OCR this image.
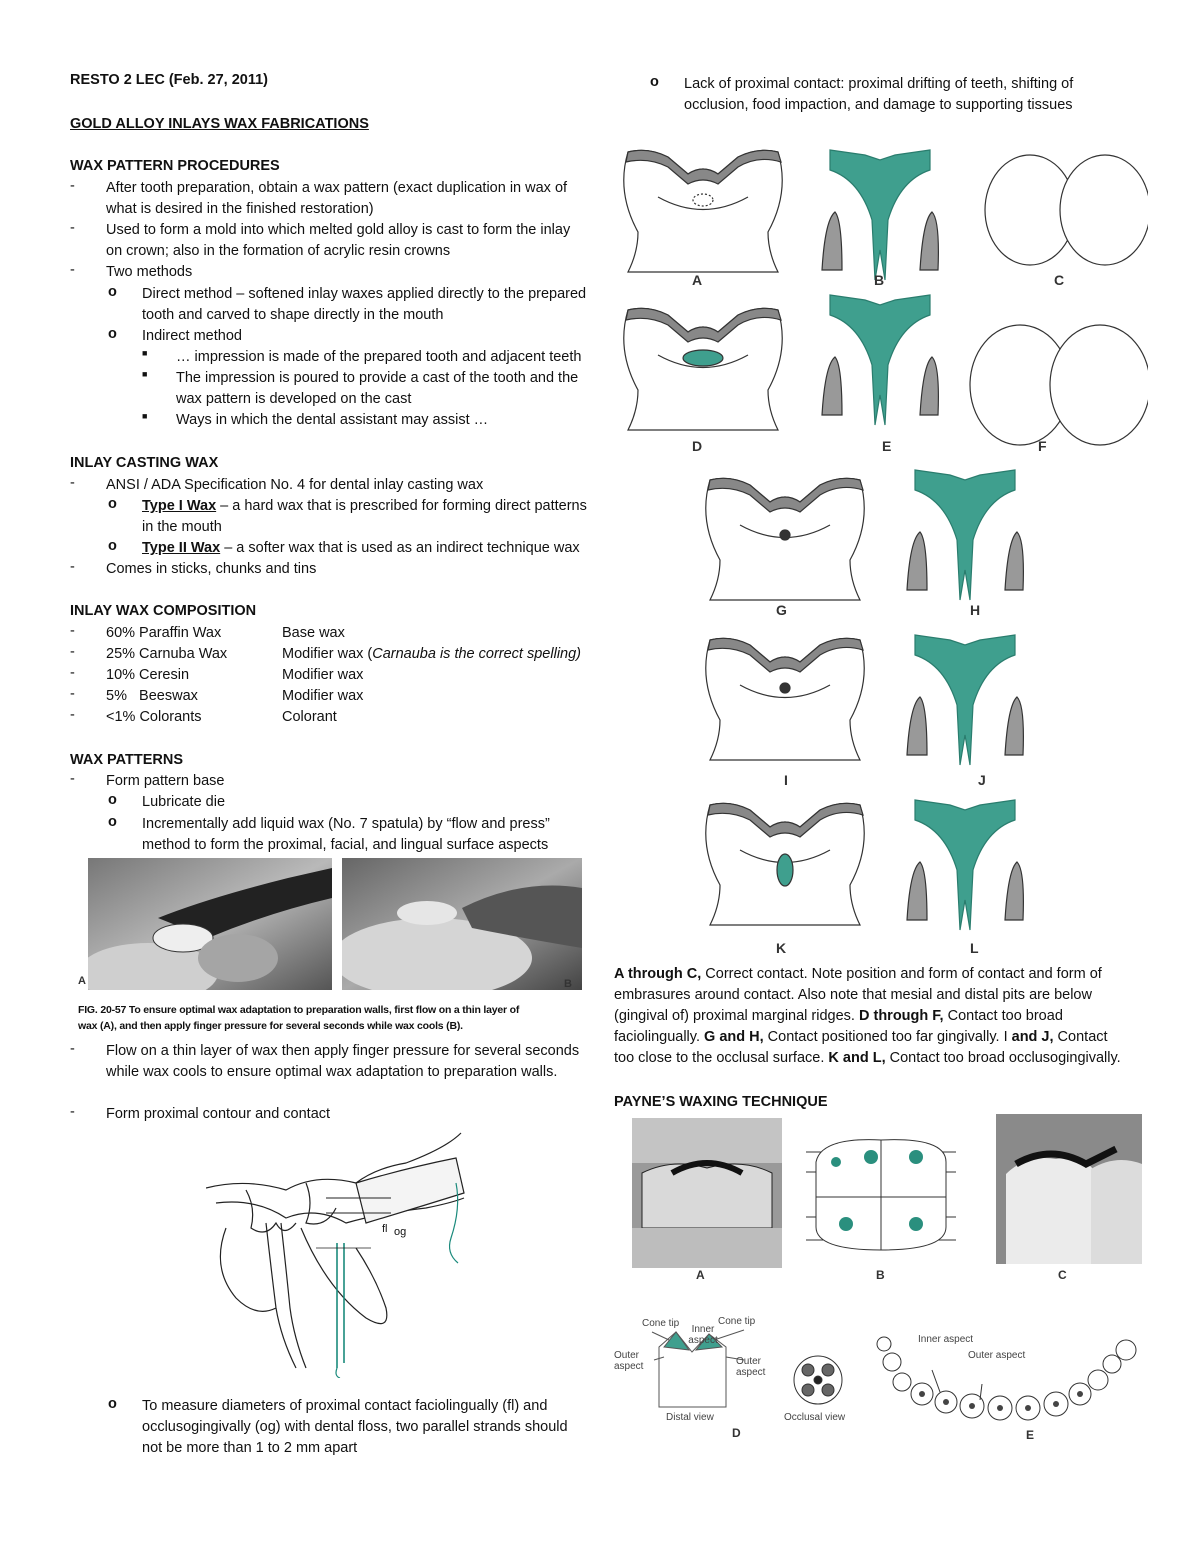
RESTO 2 LEC (Feb. 27, 2011)
GOLD ALLOY INLAYS WAX FABRICATIONS
WAX PATTERN PROCEDURES
- After tooth preparation, obtain a wax pattern (exact duplication in wax of
what is desired in the finished restoration)
- Used to form a mold into which melted gold alloy is cast to form the inlay
on crown; also in the formation of acrylic resin crowns
- Two methods
o Direct method – softened inlay waxes applied directly to the prepared
tooth and carved to shape directly in the mouth
o Indirect method
■ … impression is made of the prepared tooth and adjacent teeth
■ The impression is poured to provide a cast of the tooth and the
wax pattern is developed on the cast
■ Ways in which the dental assistant may assist …
INLAY CASTING WAX
- ANSI / ADA Specification No. 4 for dental inlay casting wax
o Type I Wax – a hard wax that is prescribed for forming direct patterns
in the mouth
o Type II Wax – a softer wax that is used as an indirect technique wax
- Comes in sticks, chunks and tins
INLAY WAX COMPOSITION
- 60% Paraffin Wax	Base wax
- 25% Carnuba Wax	Modifier wax (Carnauba is the correct spelling)
- 10% Ceresin	Modifier wax
- 5%   Beeswax	Modifier wax
- <1% Colorants	Colorant
WAX PATTERNS
- Form pattern base
o Lubricate die
o Incrementally add liquid wax (No. 7 spatula) by “flow and press”
method to form the proximal, facial, and lingual surface aspects
A	B
FIG. 20-57 To ensure optimal wax adaptation to preparation walls, first flow on a thin layer of
wax (A), and then apply finger pressure for several seconds while wax cools (B).
- Flow on a thin layer of wax then apply finger pressure for several seconds
while wax cools to ensure optimal wax adaptation to preparation walls.
- Form proximal contour and contact
fl og
o To measure diameters of proximal contact faciolingually (fl) and
occlusogingivally (og) with dental floss, two parallel strands should
not be more than 1 to 2 mm apart
o Lack of proximal contact: proximal drifting of teeth, shifting of
occlusion, food impaction, and damage to supporting tissues
A	B	C
D	E	F
G	H
I	J
K	L
A through C, Correct contact. Note position and form of contact and form of
embrasures around contact. Also note that mesial and distal pits are below
(gingival of) proximal marginal ridges. D through F, Contact too broad
faciolingually. G and H, Contact positioned too far gingivally. I and J, Contact
too close to the occlusal surface. K and L, Contact too broad occlusogingivally.
PAYNE’S WAXING TECHNIQUE
A	B	C
Cone tip
Inner aspect
Cone tip
Outer aspect	Outer aspect
Distal view	Occlusal view
D
Inner aspect
Outer aspect
E
